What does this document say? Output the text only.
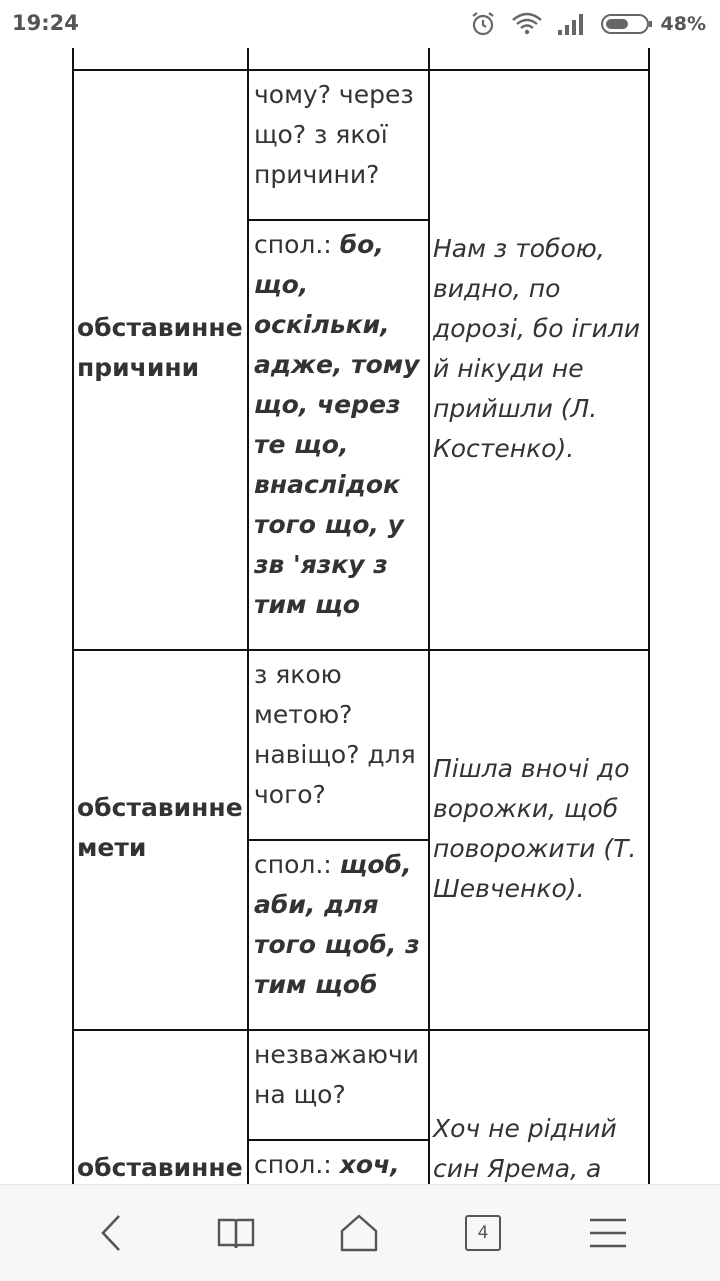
19:24	48%

обставинне причини

чому? через що? з якої причини?

спол.: бо, що, оскільки, адже, тому що, через те що, внаслідок того що, у зв 'язку з тим що

Нам з тобою, видно, по дорозі, бо ігили й нікуди не прийшли (Л. Костенко).

обставинне мети

з якою метою? навіщо? для чого?

спол.: щоб, аби, для того щоб, з тим щоб

Пішла вночі до ворожки, щоб поворожити (Т. Шевченко).

обставинне

незважаючи на що?

спол.: хоч,

Хоч не рідний син Ярема, а

4
